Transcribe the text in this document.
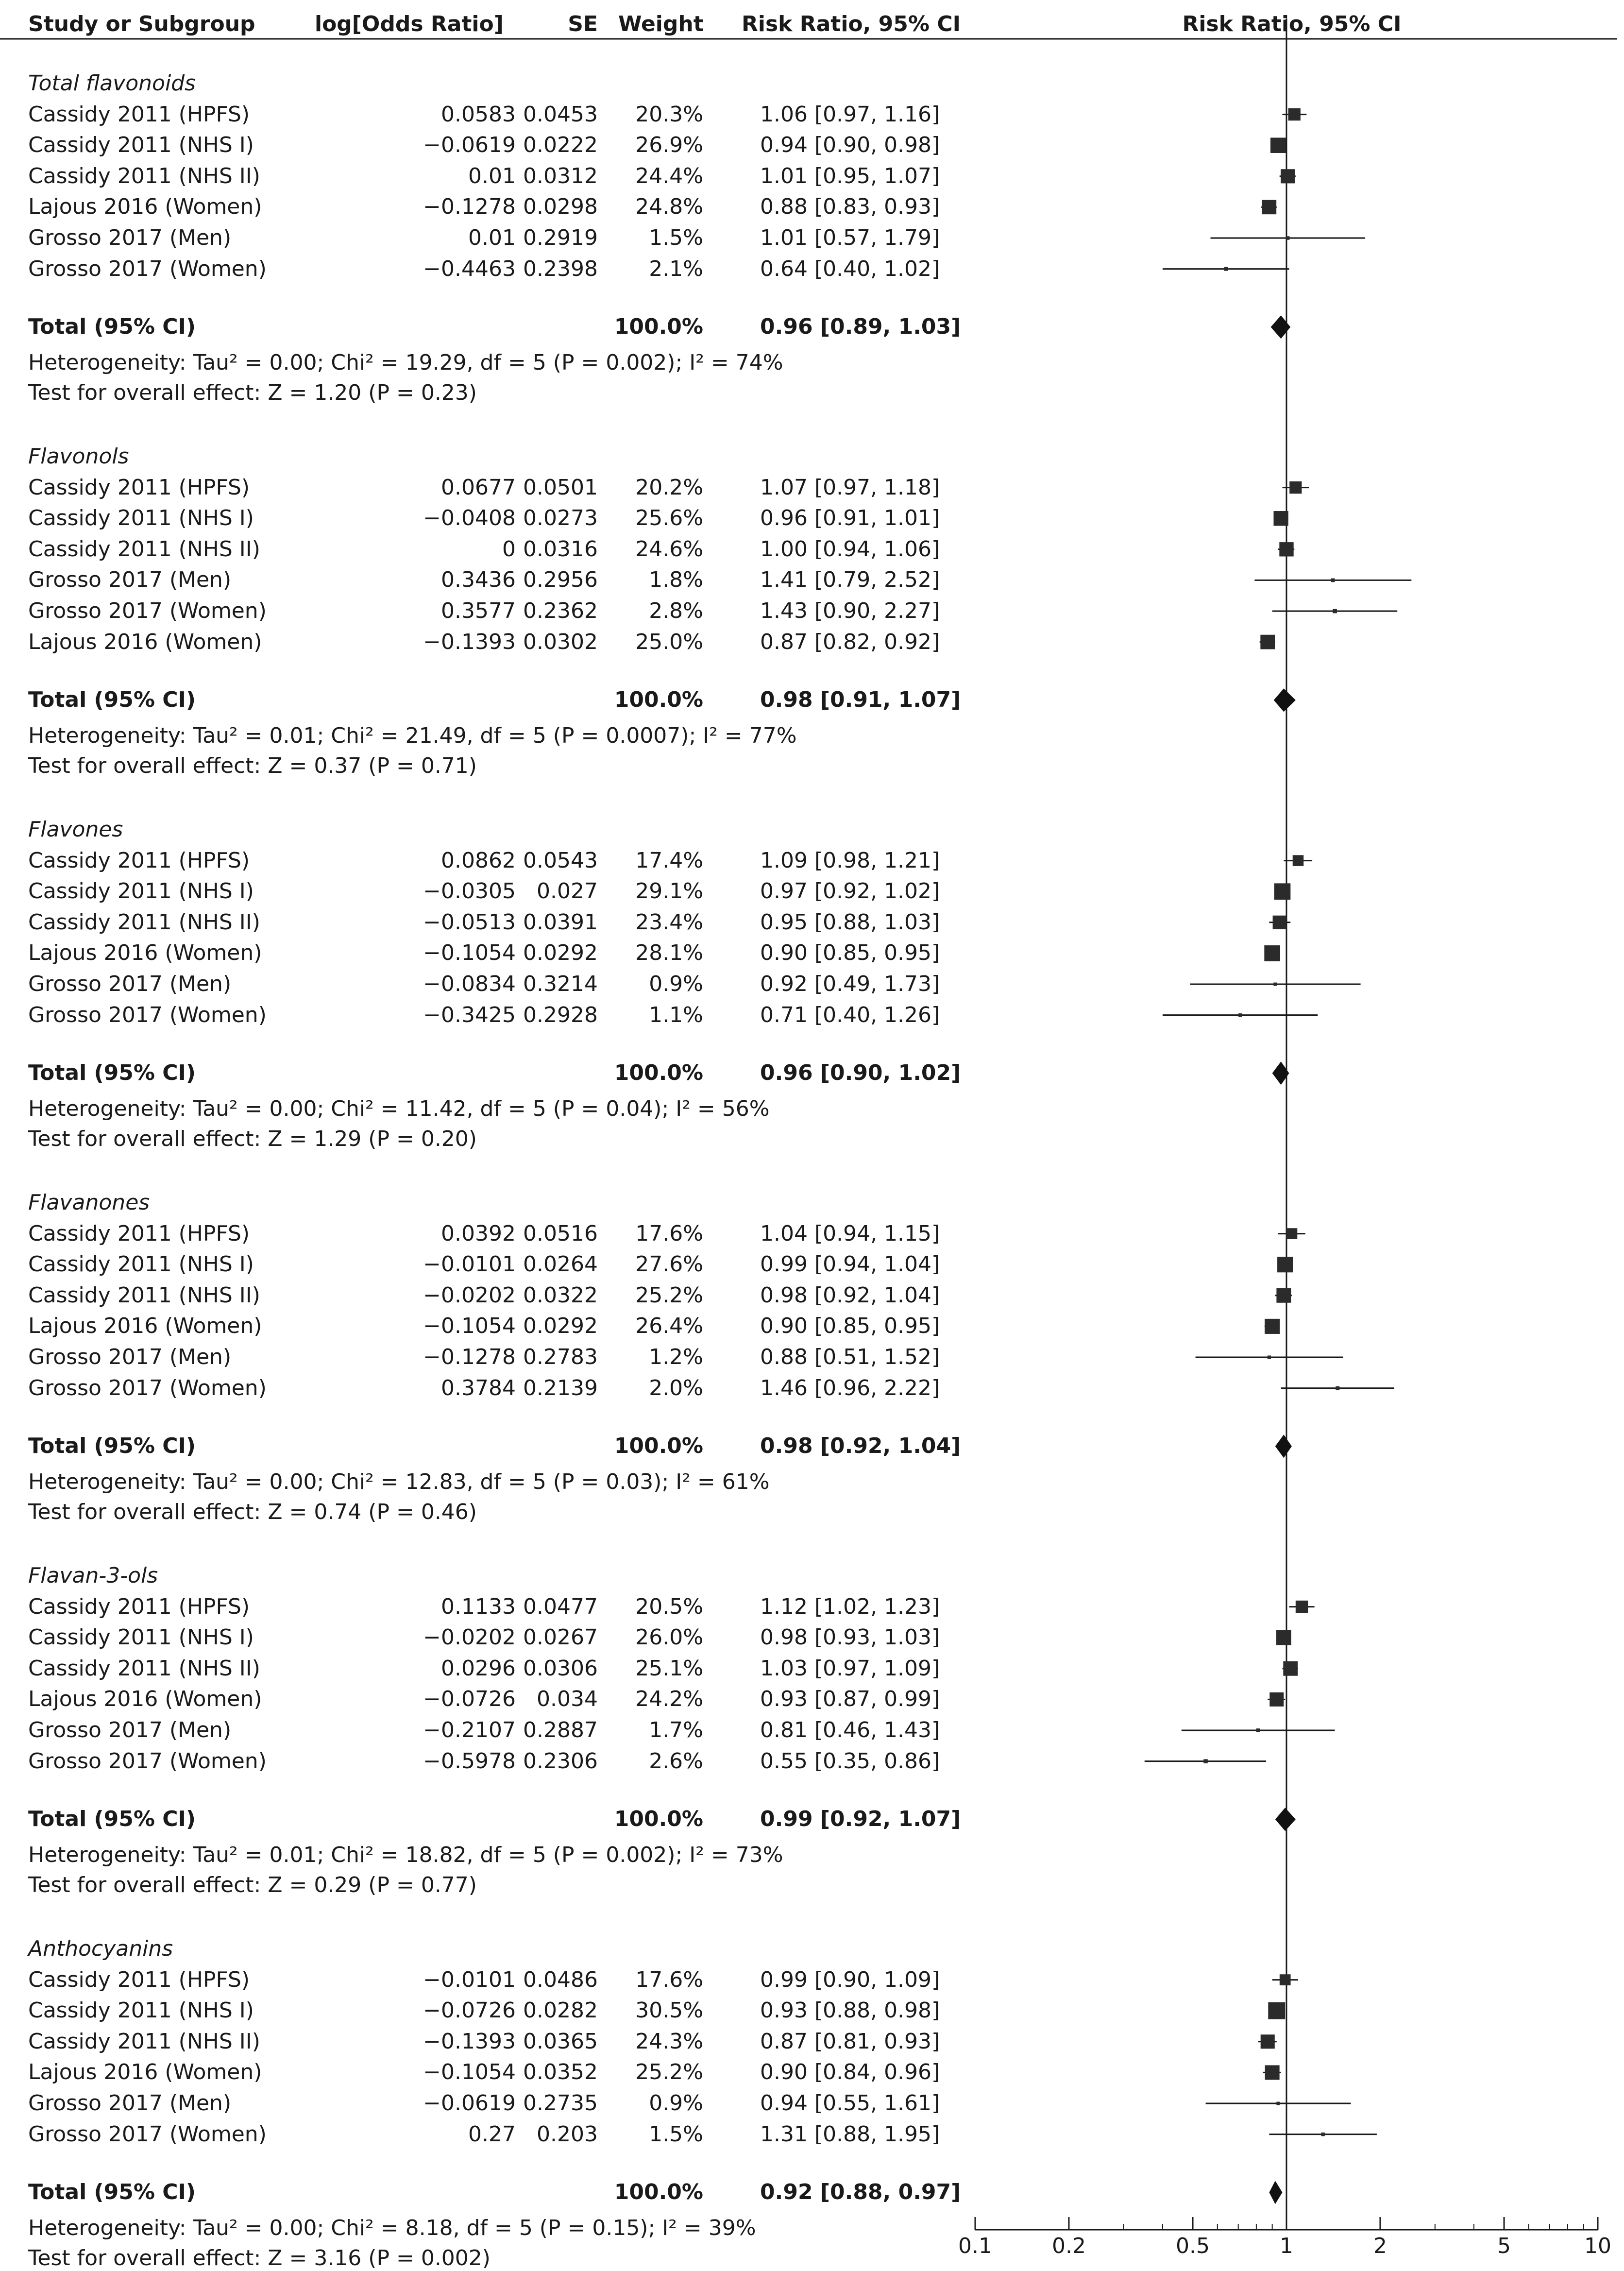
Study or Subgroup	log[Odds Ratio]	SE Weight Risk Ratio, 95% CI	Risk Ratio, 95% CI
0.1	0.2	0.5	1	2	5	10
Total flavonoids
Cassidy 2011 (HPFS)	0.0583 0.0453 20.3%	1.06 [0.97, 1.16]
Cassidy 2011 (NHS I)	−0.0619 0.0222 26.9%	0.94 [0.90, 0.98]
Cassidy 2011 (NHS II)	0.01 0.0312 24.4%	1.01 [0.95, 1.07]
Lajous 2016 (Women)	−0.1278 0.0298 24.8%	0.88 [0.83, 0.93]
Grosso 2017 (Men)	0.01 0.2919 1.5%	1.01 [0.57, 1.79]
Grosso 2017 (Women)	−0.4463 0.2398 2.1%	0.64 [0.40, 1.02]
Total (95% CI)	100.0%	0.96 [0.89, 1.03]
Heterogeneity: Tau² = 0.00; Chi² = 19.29, df = 5 (P = 0.002); I² = 74%
Test for overall effect: Z = 1.20 (P = 0.23)
Flavonols
Cassidy 2011 (HPFS)	0.0677 0.0501 20.2%	1.07 [0.97, 1.18]
Cassidy 2011 (NHS I)	−0.0408 0.0273 25.6%	0.96 [0.91, 1.01]
Cassidy 2011 (NHS II)	0 0.0316 24.6%	1.00 [0.94, 1.06]
Grosso 2017 (Men)	0.3436 0.2956 1.8%	1.41 [0.79, 2.52]
Grosso 2017 (Women)	0.3577 0.2362 2.8%	1.43 [0.90, 2.27]
Lajous 2016 (Women)	−0.1393 0.0302 25.0%	0.87 [0.82, 0.92]
Total (95% CI)	100.0%	0.98 [0.91, 1.07]
Heterogeneity: Tau² = 0.01; Chi² = 21.49, df = 5 (P = 0.0007); I² = 77%
Test for overall effect: Z = 0.37 (P = 0.71)
Flavones
Cassidy 2011 (HPFS)	0.0862 0.0543 17.4%	1.09 [0.98, 1.21]
Cassidy 2011 (NHS I)	−0.0305 0.027 29.1%	0.97 [0.92, 1.02]
Cassidy 2011 (NHS II)	−0.0513 0.0391 23.4%	0.95 [0.88, 1.03]
Lajous 2016 (Women)	−0.1054 0.0292 28.1%	0.90 [0.85, 0.95]
Grosso 2017 (Men)	−0.0834 0.3214 0.9%	0.92 [0.49, 1.73]
Grosso 2017 (Women)	−0.3425 0.2928 1.1%	0.71 [0.40, 1.26]
Total (95% CI)	100.0%	0.96 [0.90, 1.02]
Heterogeneity: Tau² = 0.00; Chi² = 11.42, df = 5 (P = 0.04); I² = 56%
Test for overall effect: Z = 1.29 (P = 0.20)
Flavanones
Cassidy 2011 (HPFS)	0.0392 0.0516 17.6%	1.04 [0.94, 1.15]
Cassidy 2011 (NHS I)	−0.0101 0.0264 27.6%	0.99 [0.94, 1.04]
Cassidy 2011 (NHS II)	−0.0202 0.0322 25.2%	0.98 [0.92, 1.04]
Lajous 2016 (Women)	−0.1054 0.0292 26.4%	0.90 [0.85, 0.95]
Grosso 2017 (Men)	−0.1278 0.2783 1.2%	0.88 [0.51, 1.52]
Grosso 2017 (Women)	0.3784 0.2139 2.0%	1.46 [0.96, 2.22]
Total (95% CI)	100.0%	0.98 [0.92, 1.04]
Heterogeneity: Tau² = 0.00; Chi² = 12.83, df = 5 (P = 0.03); I² = 61%
Test for overall effect: Z = 0.74 (P = 0.46)
Flavan-3-ols
Cassidy 2011 (HPFS)	0.1133 0.0477 20.5%	1.12 [1.02, 1.23]
Cassidy 2011 (NHS I)	−0.0202 0.0267 26.0%	0.98 [0.93, 1.03]
Cassidy 2011 (NHS II)	0.0296 0.0306 25.1%	1.03 [0.97, 1.09]
Lajous 2016 (Women)	−0.0726 0.034 24.2%	0.93 [0.87, 0.99]
Grosso 2017 (Men)	−0.2107 0.2887 1.7%	0.81 [0.46, 1.43]
Grosso 2017 (Women)	−0.5978 0.2306 2.6%	0.55 [0.35, 0.86]
Total (95% CI)	100.0%	0.99 [0.92, 1.07]
Heterogeneity: Tau² = 0.01; Chi² = 18.82, df = 5 (P = 0.002); I² = 73%
Test for overall effect: Z = 0.29 (P = 0.77)
Anthocyanins
Cassidy 2011 (HPFS)	−0.0101 0.0486 17.6%	0.99 [0.90, 1.09]
Cassidy 2011 (NHS I)	−0.0726 0.0282 30.5%	0.93 [0.88, 0.98]
Cassidy 2011 (NHS II)	−0.1393 0.0365 24.3%	0.87 [0.81, 0.93]
Lajous 2016 (Women)	−0.1054 0.0352 25.2%	0.90 [0.84, 0.96]
Grosso 2017 (Men)	−0.0619 0.2735 0.9%	0.94 [0.55, 1.61]
Grosso 2017 (Women)	0.27 0.203 1.5%	1.31 [0.88, 1.95]
Total (95% CI)	100.0%	0.92 [0.88, 0.97]
Heterogeneity: Tau² = 0.00; Chi² = 8.18, df = 5 (P = 0.15); I² = 39%
Test for overall effect: Z = 3.16 (P = 0.002)
